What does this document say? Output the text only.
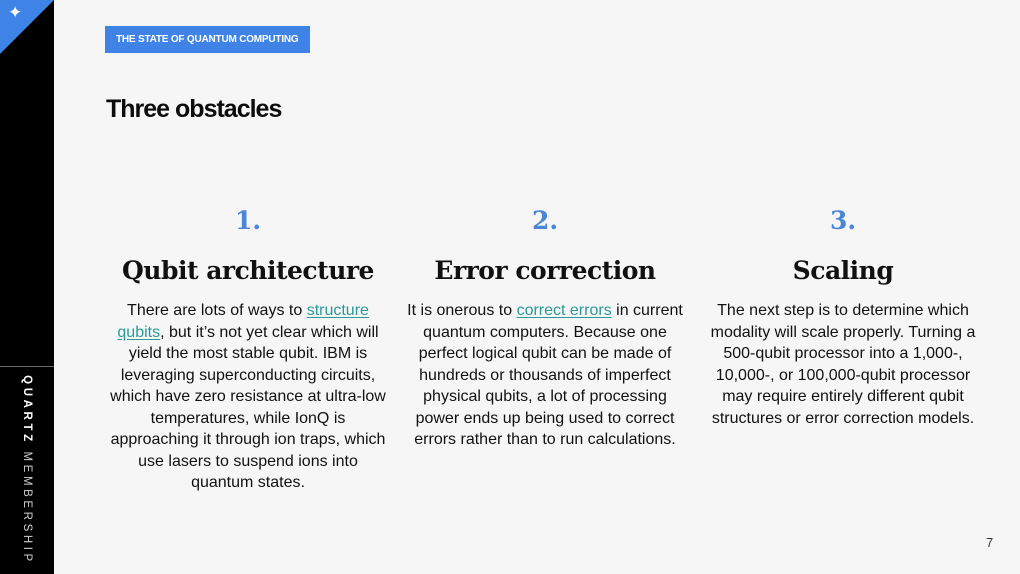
✦
QUARTZ MEMBERSHIP
THE STATE OF QUANTUM COMPUTING
Three obstacles
1.
Qubit architecture
There are lots of ways to structure qubits, but it’s not yet clear which will yield the most stable qubit. IBM is leveraging superconducting circuits, which have zero resistance at ultra-low temperatures, while IonQ is approaching it through ion traps, which use lasers to suspend ions into quantum states.
2.
Error correction
It is onerous to correct errors in current quantum computers. Because one perfect logical qubit can be made of hundreds or thousands of imperfect physical qubits, a lot of processing power ends up being used to correct errors rather than to run calculations.
3.
Scaling
The next step is to determine which modality will scale properly. Turning a 500-qubit processor into a 1,000-, 10,000-, or 100,000-qubit processor may require entirely different qubit structures or error correction models.
7
